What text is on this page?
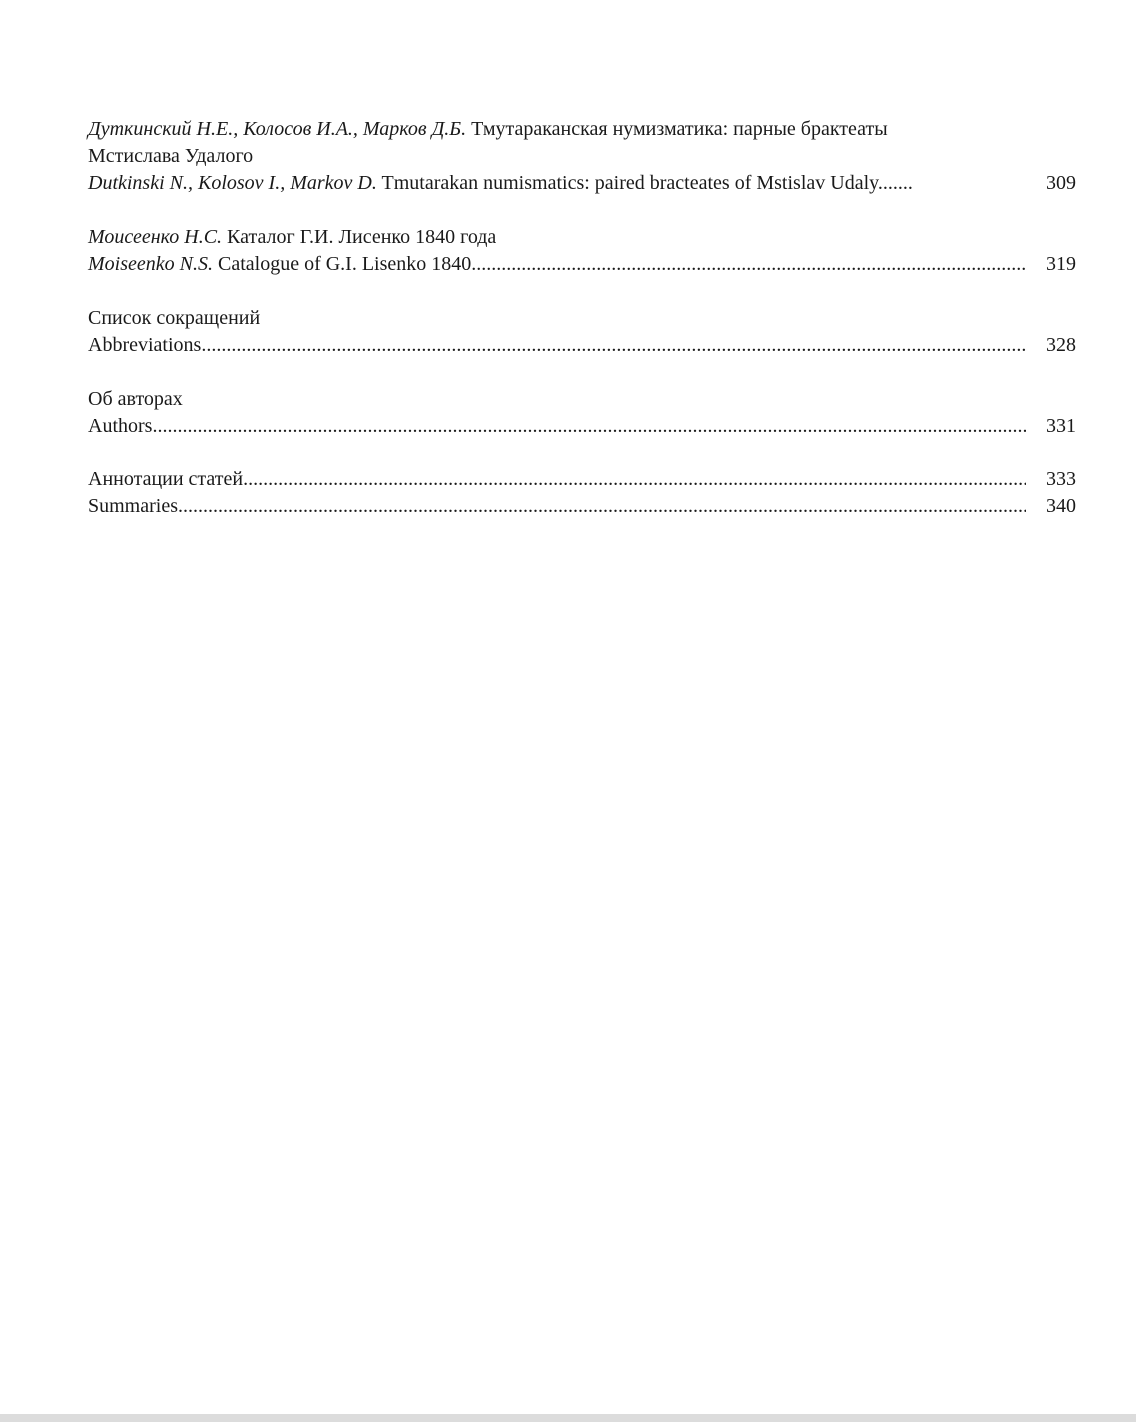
Дуткинский Н.Е., Колосов И.А., Марков Д.Б. Тмутараканская нумизматика: парные брактеаты
Мстислава Удалого
Dutkinski N., Kolosov I., Markov D. Tmutarakan numismatics: paired bracteates of Mstislav Udaly.......	309
Моисеенко Н.С. Каталог Г.И. Лисенко 1840 года
Moiseenko N.S. Catalogue of G.I. Lisenko 1840 .....	319
Список сокращений
Abbreviations .....	328
Об авторах
Authors .....	331
Аннотации статей .....	333
Summaries .....	340
